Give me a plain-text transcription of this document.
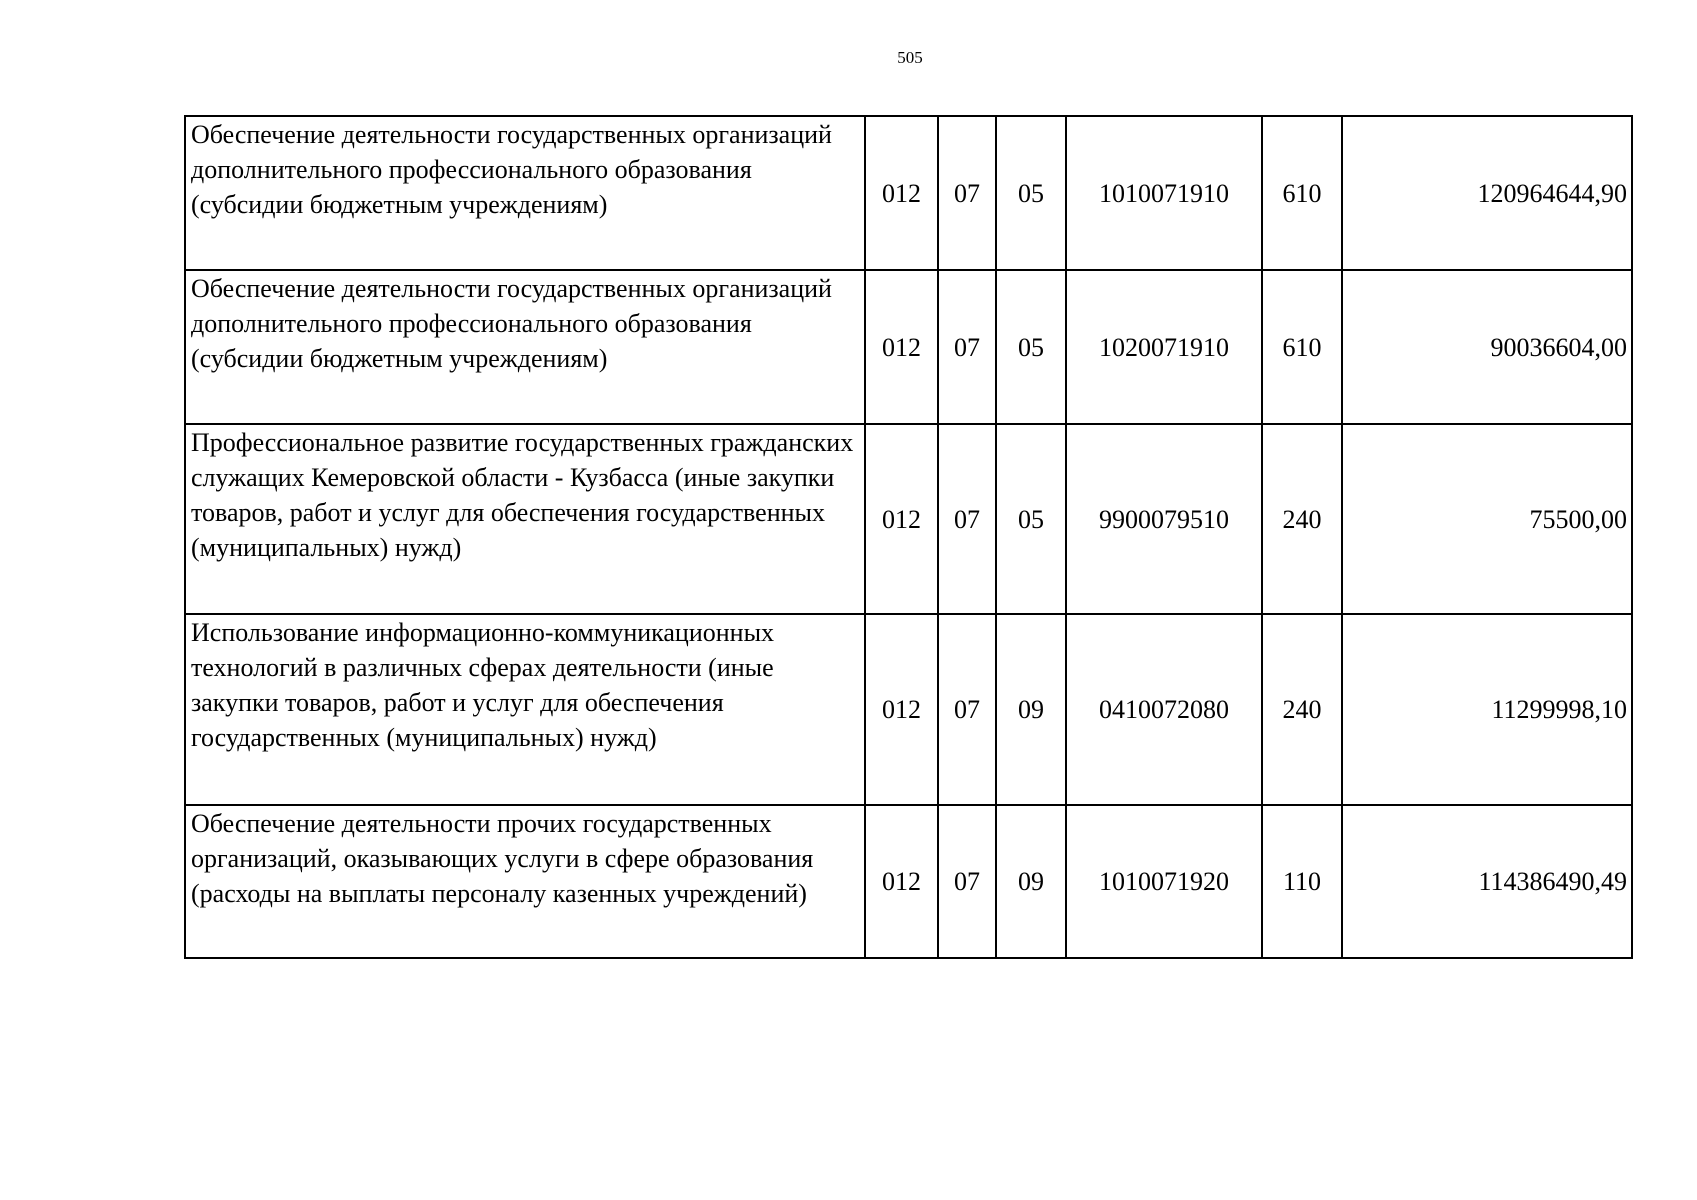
505
Обеспечение деятельности государственных организаций дополнительного профессионального образования (субсидии бюджетным учреждениям)	012	07	05	1010071910	610	120964644,90
Обеспечение деятельности государственных организаций дополнительного профессионального образования (субсидии бюджетным учреждениям)	012	07	05	1020071910	610	90036604,00
Профессиональное развитие государственных гражданских служащих Кемеровской области - Кузбасса (иные закупки товаров, работ и услуг для обеспечения государственных (муниципальных) нужд)	012	07	05	9900079510	240	75500,00
Использование информационно-коммуникационных технологий в различных сферах деятельности (иные закупки товаров, работ и услуг для обеспечения государственных (муниципальных) нужд)	012	07	09	0410072080	240	11299998,10
Обеспечение деятельности прочих государственных организаций, оказывающих услуги в сфере образования (расходы на выплаты персоналу казенных учреждений)	012	07	09	1010071920	110	114386490,49
